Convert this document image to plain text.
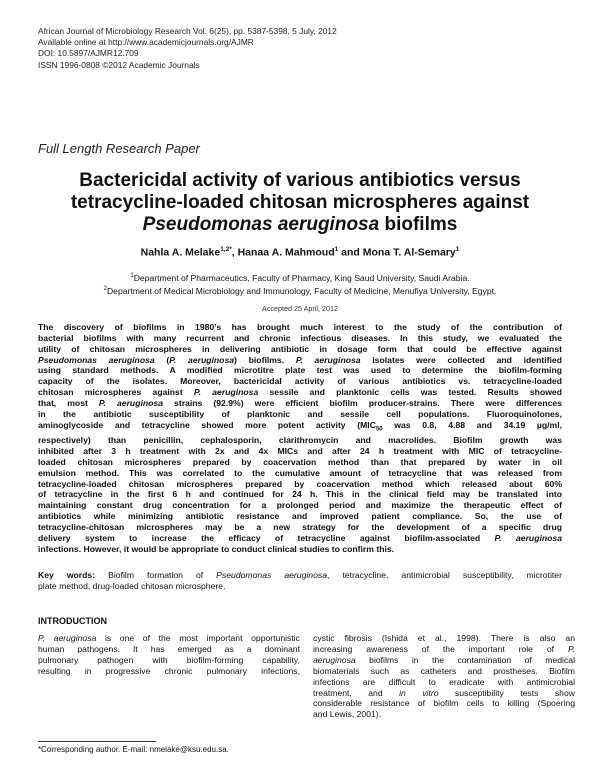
African Journal of Microbiology Research Vol. 6(25), pp. 5387-5398, 5 July, 2012
Available online at http://www.academicjournals.org/AJMR
DOI: 10.5897/AJMR12.709
ISSN 1996-0808 ©2012 Academic Journals
Full Length Research Paper
Bactericidal activity of various antibiotics versus
tetracycline-loaded chitosan microspheres against
Pseudomonas aeruginosa biofilms
Nahla A. Melake$^{1,2*}$, Hanaa A. Mahmoud$^1$ and Mona T. Al-Semary$^1$
$^1$Department of Pharmaceutics, Faculty of Pharmacy, King Saud University, Saudi Arabia.
$^2$Department of Medical Microbiology and Immunology, Faculty of Medicine, Menufiya University, Egypt.
Accepted 25 April, 2012
The discovery of biofilms in 1980’s has brought much interest to the study of the contribution of
bacterial biofilms with many recurrent and chronic infectious diseases. In this study, we evaluated the
utility of chitosan microspheres in delivering antibiotic in dosage form that could be effective against
Pseudomonas aeruginosa (P. aeruginosa) biofilms. P. aeruginosa isolates were collected and identified
using standard methods. A modified microtitre plate test was used to determine the biofilm-forming
capacity of the isolates. Moreover, bactericidal activity of various antibiotics vs. tetracycline-loaded
chitosan microspheres against P. aeruginosa sessile and planktonic cells was tested. Results showed
that, most P. aeruginosa strains (92.9%) were efficient biofilm producer-strains. There were differences
in the antibiotic susceptibility of planktonic and sessile cell populations. Fluoroquinolones,
aminoglycoside and tetracycline showed more potent activity ($MIC_{50}$ was 0.8, 4.88 and 34.19 µg/ml,
respectively) than penicillin, cephalosporin, clarithromycin and macrolides. Biofilm growth was
inhibited after 3 h treatment with 2x and 4x MICs and after 24 h treatment with MIC of tetracycline-
loaded chitosan microspheres prepared by coacervation method than that prepared by water in oil
emulsion method. This was correlated to the cumulative amount of tetracycline that was released from
tetracycline-loaded chitosan microspheres prepared by coacervation method which released about 60%
of tetracycline in the first 6 h and continued for 24 h. This in the clinical field may be translated into
maintaining constant drug concentration for a prolonged period and maximize the therapeutic effect of
antibiotics while minimizing antibiotic resistance and improved patient compliance. So, the use of
tetracycline-chitosan microspheres may be a new strategy for the development of a specific drug
delivery system to increase the efficacy of tetracycline against biofilm-associated P. aeruginosa
infections. However, it would be appropriate to conduct clinical studies to confirm this.
Key words: Biofilm formation of Pseudomonas aeruginosa, tetracycline, antimicrobial susceptibility, microtiter
plate method, drug-loaded chitosan microsphere.
INTRODUCTION
P. aeruginosa is one of the most important opportunistic
human pathogens. It has emerged as a dominant
pulmonary pathogen with biofilm-forming capability,
resulting in progressive chronic pulmonary infections,
cystic fibrosis (Ishida et al., 1998). There is also an
increasing awareness of the important role of P.
aeruginosa biofilms in the contamination of medical
biomaterials such as catheters and prostheses. Biofilm
infections are difficult to eradicate with antimicrobial
treatment, and in vitro susceptibility tests show
considerable resistance of biofilm cells to killing (Spoering
and Lewis, 2001).
*Corresponding author. E-mail: nmelake@ksu.edu.sa.
